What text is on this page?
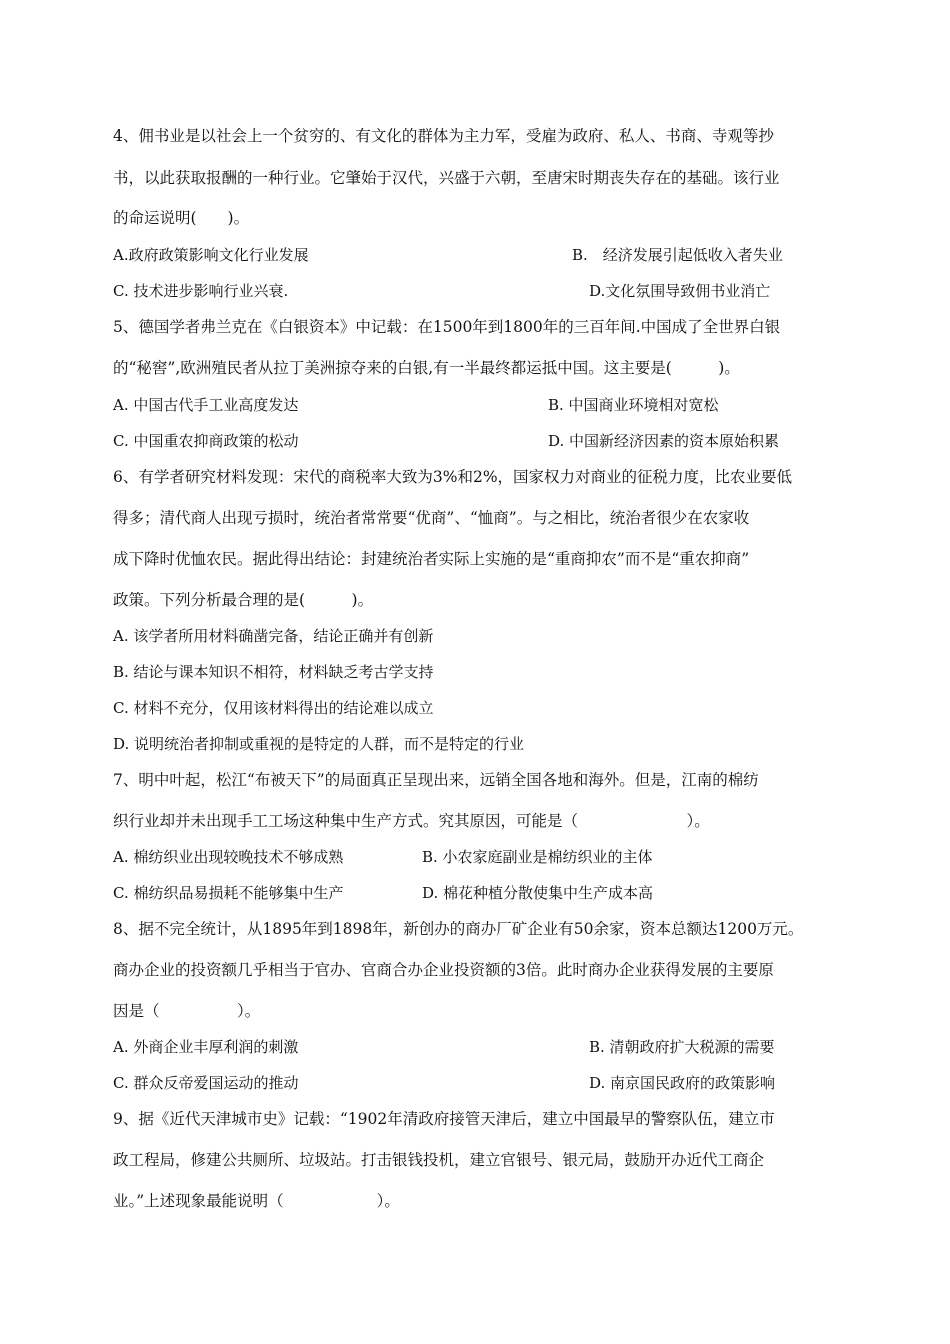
4、佣书业是以社会上一个贫穷的、有文化的群体为主力军，受雇为政府、私人、书商、寺观等抄
书，以此获取报酬的一种行业。它肇始于汉代，兴盛于六朝，至唐宋时期丧失存在的基础。该行业
的命运说明(　　)。
A.政府政策影响文化行业发展	B.　经济发展引起低收入者失业
C. 技术进步影响行业兴衰.	D.文化氛围导致佣书业消亡
5、德国学者弗兰克在《白银资本》中记载：在1500年到1800年的三百年间.中国成了全世界白银
的“秘窖”,欧洲殖民者从拉丁美洲掠夺来的白银,有一半最终都运抵中国。这主要是(　　　)。
A. 中国古代手工业高度发达	B. 中国商业环境相对宽松
C. 中国重农抑商政策的松动	D. 中国新经济因素的资本原始积累
6、有学者研究材料发现：宋代的商税率大致为3%和2%，国家权力对商业的征税力度，比农业要低
得多；清代商人出现亏损时，统治者常常要“优商”、“恤商”。与之相比，统治者很少在农家收
成下降时优恤农民。据此得出结论：封建统治者实际上实施的是“重商抑农”而不是“重农抑商”
政策。下列分析最合理的是(　　　)。
A. 该学者所用材料确凿完备，结论正确并有创新
B. 结论与课本知识不相符，材料缺乏考古学支持
C. 材料不充分，仅用该材料得出的结论难以成立
D. 说明统治者抑制或重视的是特定的人群，而不是特定的行业
7、明中叶起，松江“布被天下”的局面真正呈现出来，远销全国各地和海外。但是，江南的棉纺
织行业却并未出现手工工场这种集中生产方式。究其原因，可能是（　　　　　　　）。
A. 棉纺织业出现较晚技术不够成熟	B. 小农家庭副业是棉纺织业的主体
C. 棉纺织品易损耗不能够集中生产	D. 棉花种植分散使集中生产成本高
8、据不完全统计，从1895年到1898年，新创办的商办厂矿企业有50余家，资本总额达1200万元。
商办企业的投资额几乎相当于官办、官商合办企业投资额的3倍。此时商办企业获得发展的主要原
因是（　　　　　）。
A. 外商企业丰厚利润的刺激	B. 清朝政府扩大税源的需要
C. 群众反帝爱国运动的推动	D. 南京国民政府的政策影响
9、据《近代天津城市史》记载：“1902年清政府接管天津后，建立中国最早的警察队伍，建立市
政工程局，修建公共厕所、垃圾站。打击银钱投机，建立官银号、银元局，鼓励开办近代工商企
业。”上述现象最能说明（　　　　　　）。
